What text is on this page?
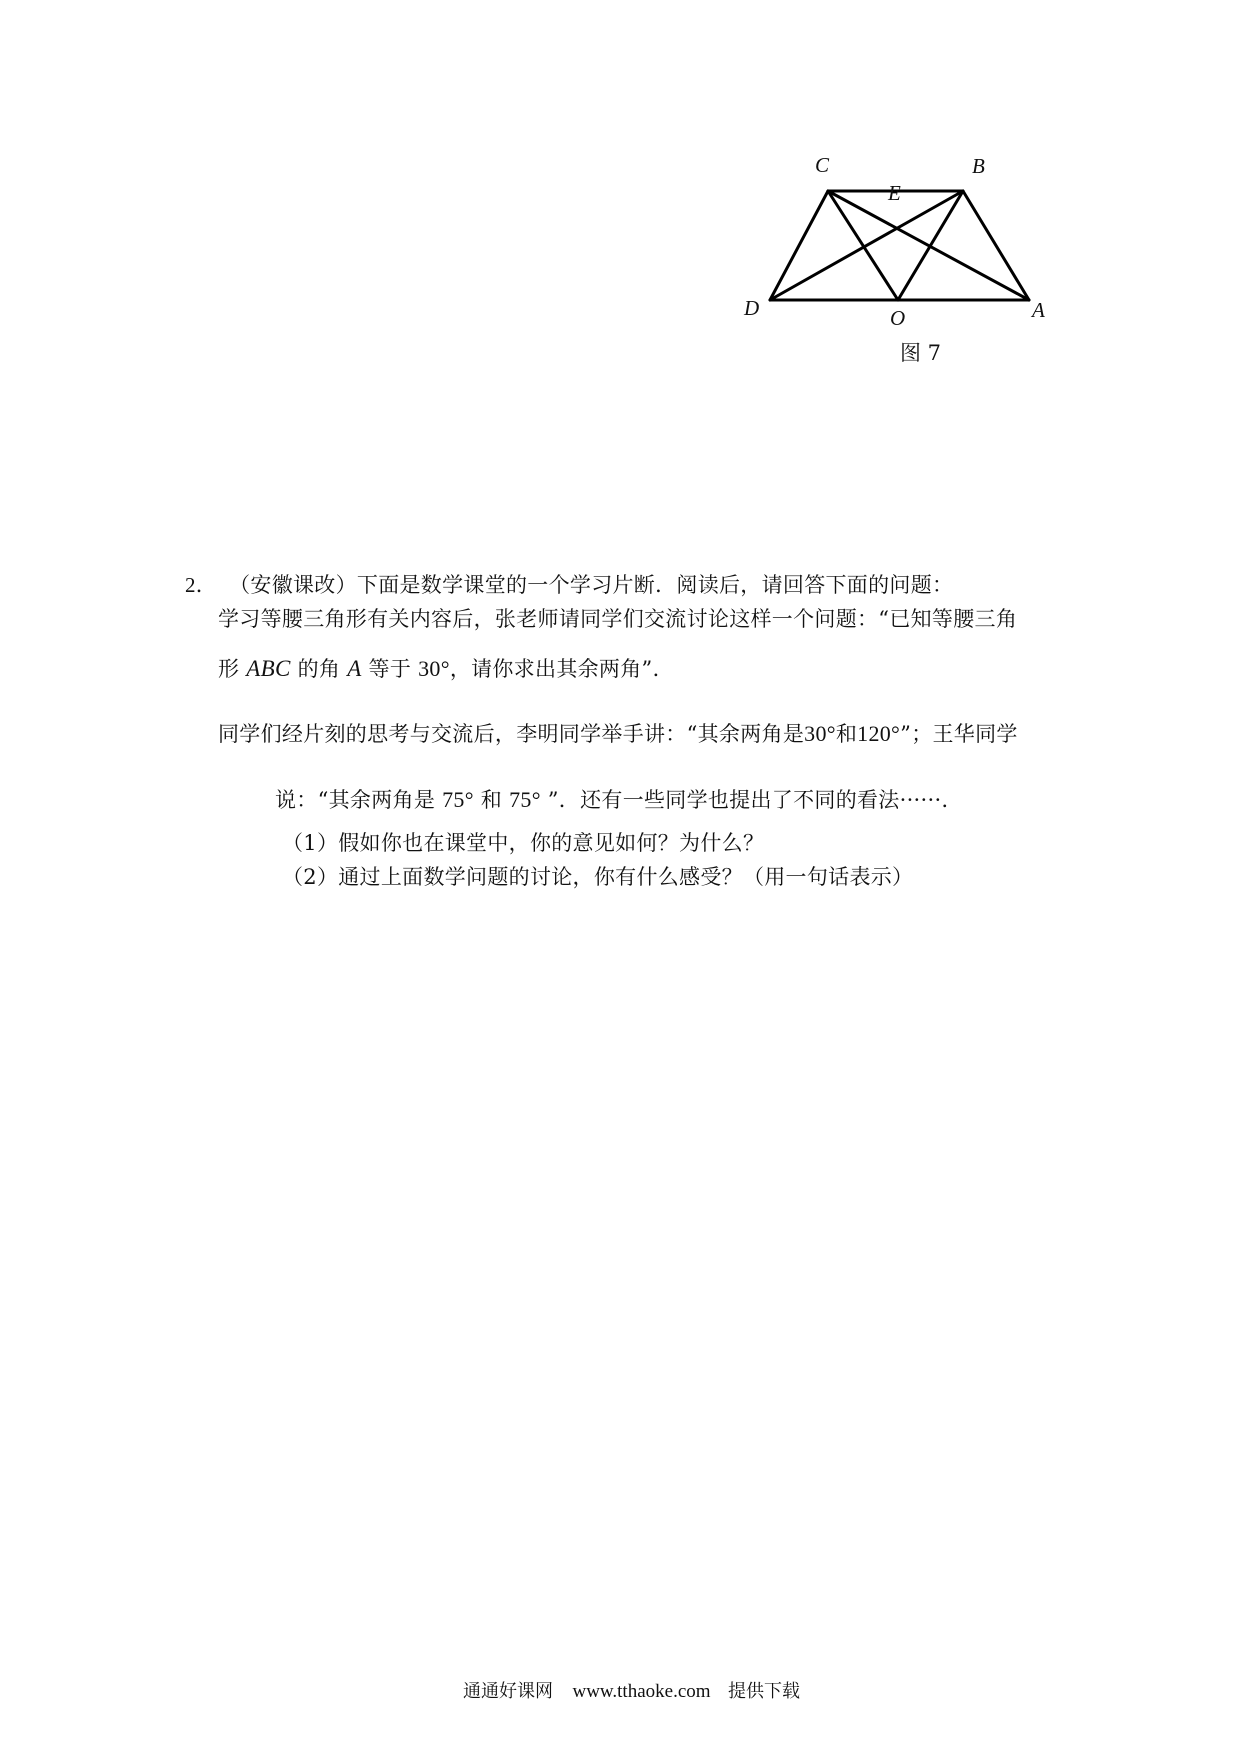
C	B
E
D	O	A
图 7
2． （安徽课改）下面是数学课堂的一个学习片断．阅读后，请回答下面的问题：
学习等腰三角形有关内容后，张老师请同学们交流讨论这样一个问题：“已知等腰三角
形 ABC 的角 A 等于 30°，请你求出其余两角”．
同学们经片刻的思考与交流后，李明同学举手讲：“其余两角是30°和120°”；王华同学
说：“其余两角是 75° 和 75° ”．还有一些同学也提出了不同的看法······．
（1）假如你也在课堂中，你的意见如何？为什么？
（2）通过上面数学问题的讨论，你有什么感受？（用一句话表示）
通通好课网 www.tthaoke.com 提供下载
